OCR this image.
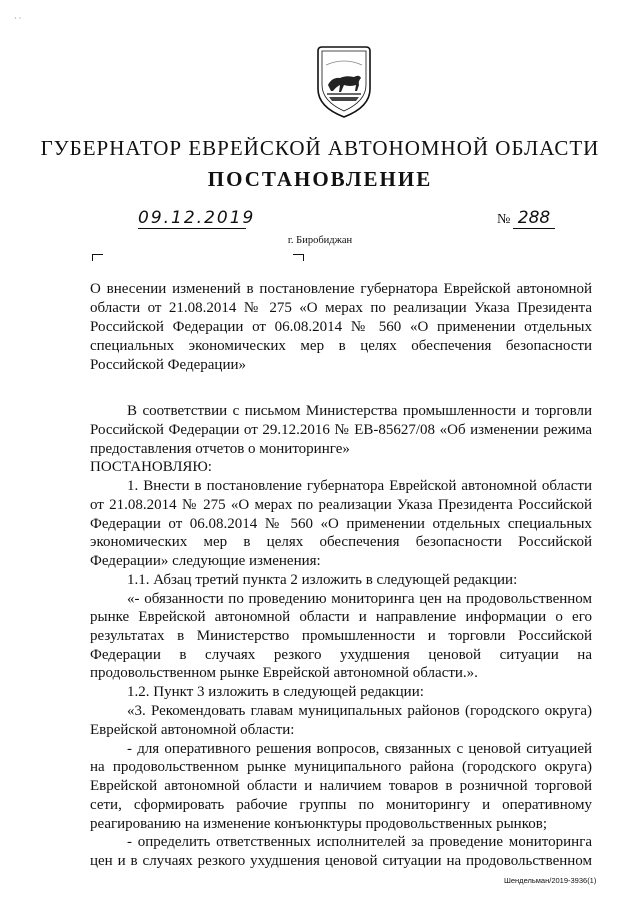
· ·
ГУБЕРНАТОР ЕВРЕЙСКОЙ АВТОНОМНОЙ ОБЛАСТИ
ПОСТАНОВЛЕНИЕ
09.12.2019	№ 288
г. Биробиджан
О внесении изменений в постановление губернатора Еврейской автономной
области от 21.08.2014 № 275 «О мерах по реализации Указа Президента
Российской Федерации от 06.08.2014 № 560 «О применении отдельных
специальных экономических мер в целях обеспечения безопасности
Российской Федерации»
В соответствии с письмом Министерства промышленности и торговли
Российской Федерации от 29.12.2016 № ЕВ-85627/08 «Об изменении режима
предоставления отчетов о мониторинге»
ПОСТАНОВЛЯЮ:
1. Внести в постановление губернатора Еврейской автономной области
от 21.08.2014 № 275 «О мерах по реализации Указа Президента Российской
Федерации от 06.08.2014 № 560 «О применении отдельных специальных
экономических мер в целях обеспечения безопасности Российской
Федерации» следующие изменения:
1.1. Абзац третий пункта 2 изложить в следующей редакции:
«- обязанности по проведению мониторинга цен на продовольственном
рынке Еврейской автономной области и направление информации о его
результатах в Министерство промышленности и торговли Российской
Федерации в случаях резкого ухудшения ценовой ситуации на
продовольственном рынке Еврейской автономной области.».
1.2. Пункт 3 изложить в следующей редакции:
«3. Рекомендовать главам муниципальных районов (городского округа)
Еврейской автономной области:
- для оперативного решения вопросов, связанных с ценовой ситуацией
на продовольственном рынке муниципального района (городского округа)
Еврейской автономной области и наличием товаров в розничной торговой
сети, сформировать рабочие группы по мониторингу и оперативному
реагированию на изменение конъюнктуры продовольственных рынков;
- определить ответственных исполнителей за проведение мониторинга
цен и в случаях резкого ухудшения ценовой ситуации на продовольственном
Шендельман/2019-3936(1)
